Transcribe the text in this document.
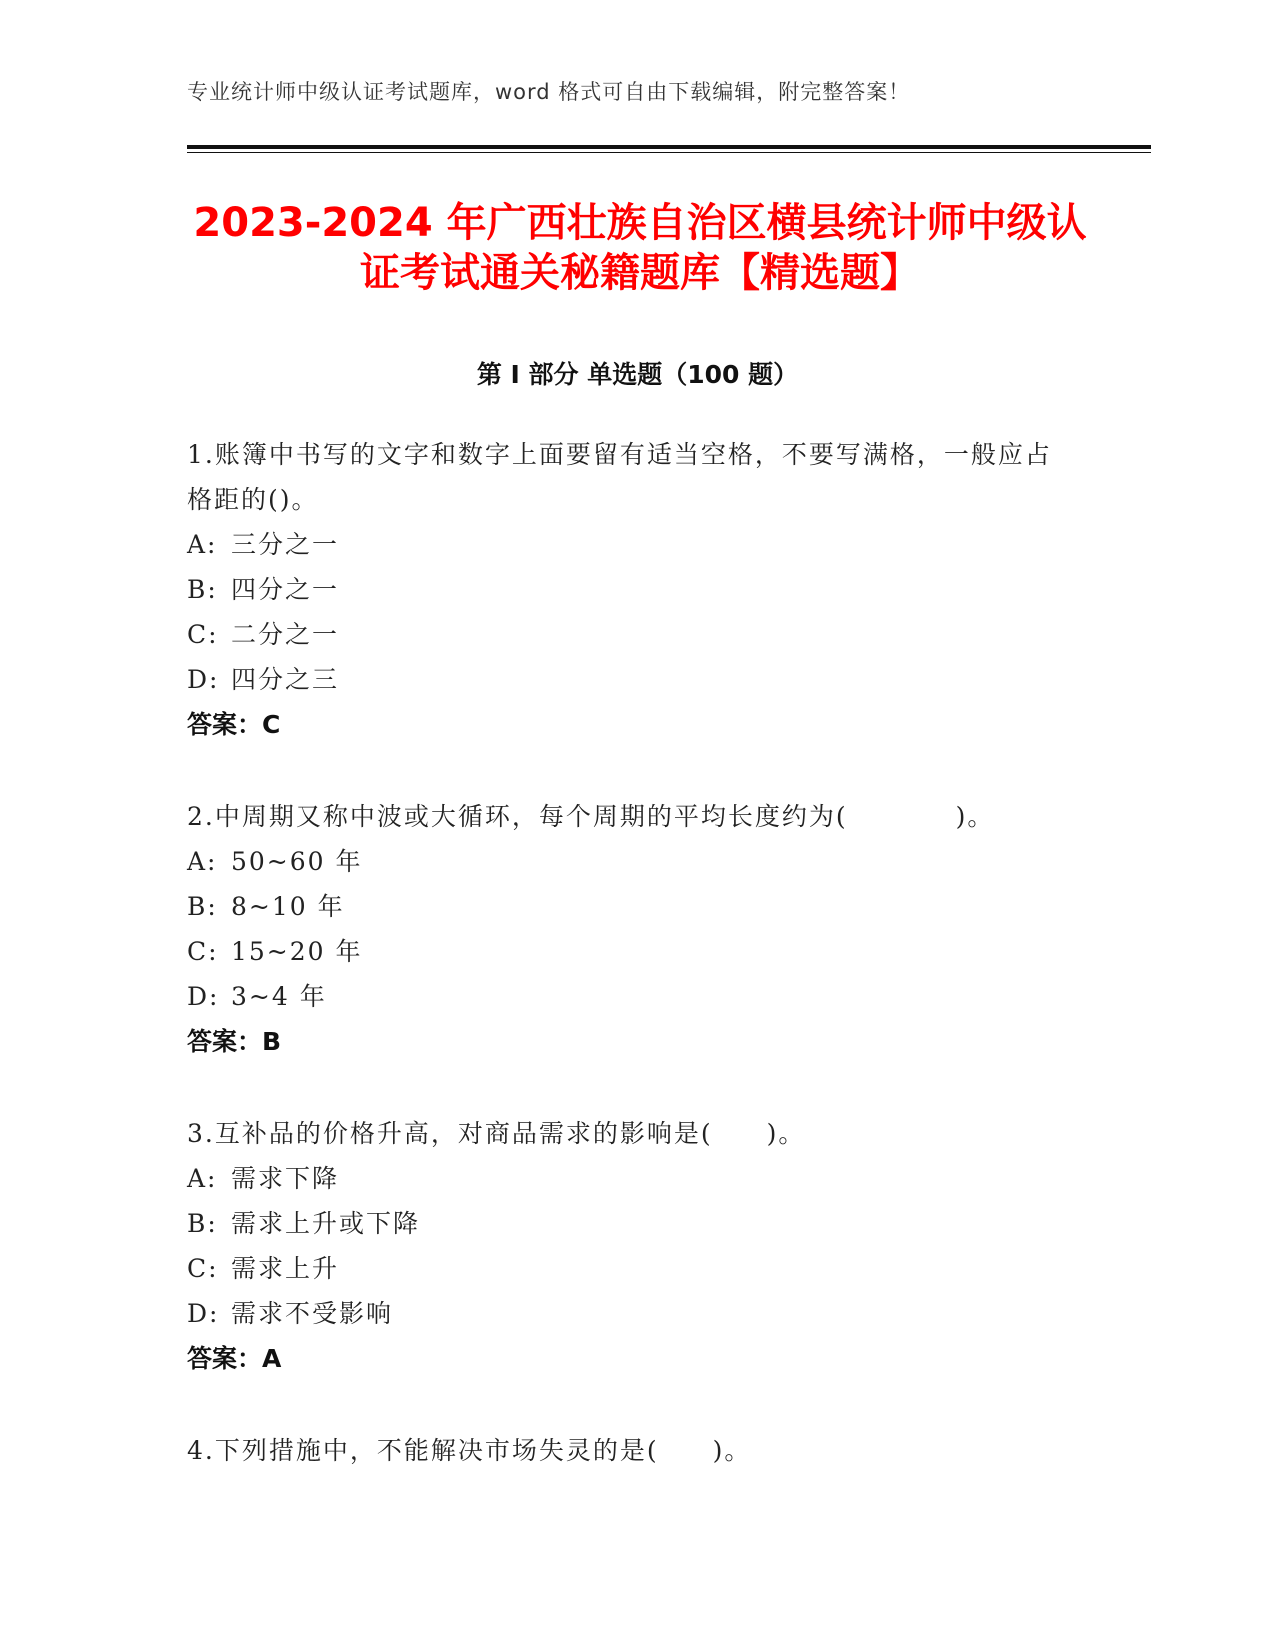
专业统计师中级认证考试题库，word 格式可自由下载编辑，附完整答案！
2023-2024 年广西壮族自治区横县统计师中级认证考试通关秘籍题库【精选题】
第 I 部分 单选题（100 题）
1.账簿中书写的文字和数字上面要留有适当空格，不要写满格，一般应占格距的()。
A: 三分之一
B: 四分之一
C: 二分之一
D: 四分之三
答案：C
2.中周期又称中波或大循环，每个周期的平均长度约为(　　　　)。
A: 50~60 年
B: 8~10 年
C: 15~20 年
D: 3~4 年
答案：B
3.互补品的价格升高，对商品需求的影响是(　　)。
A: 需求下降
B: 需求上升或下降
C: 需求上升
D: 需求不受影响
答案：A
4.下列措施中，不能解决市场失灵的是(　　)。
